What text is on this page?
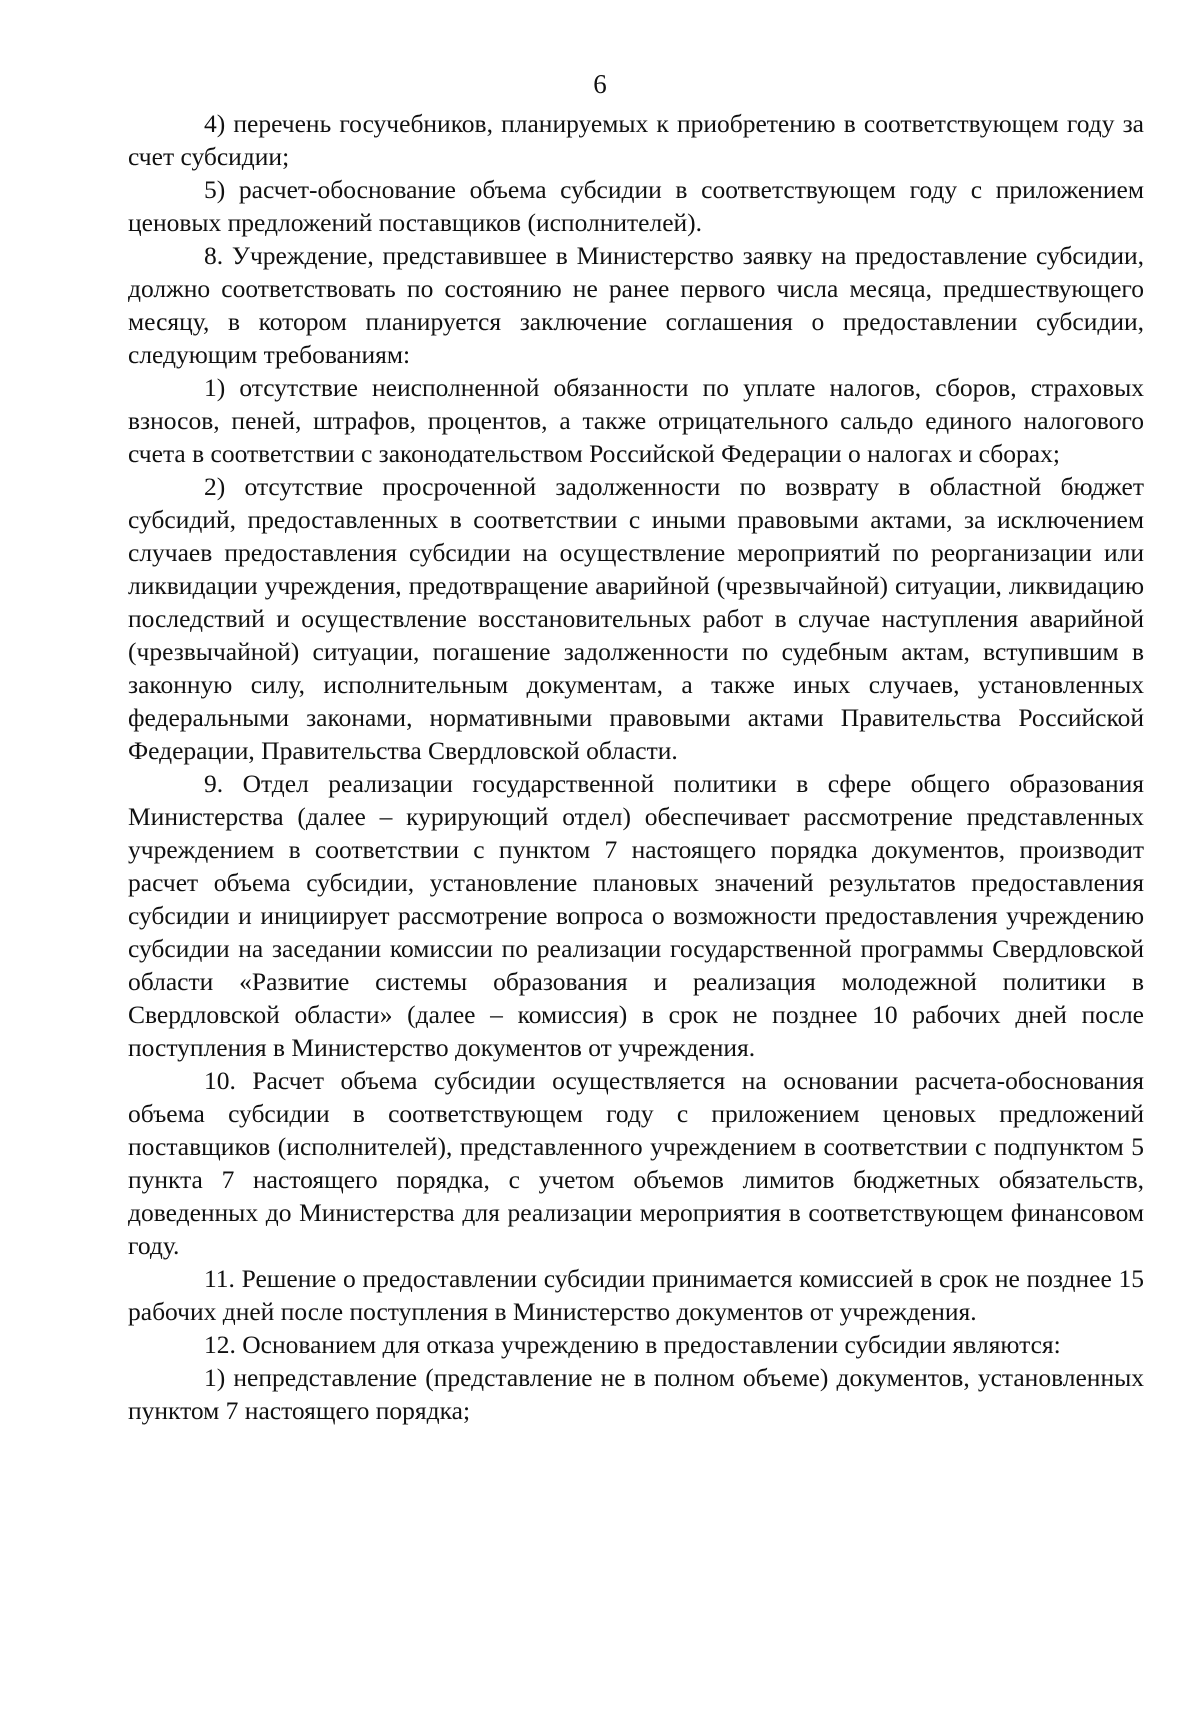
6

4) перечень госучебников, планируемых к приобретению в соответствующем году за счет субсидии;

5) расчет-обоснование объема субсидии в соответствующем году с приложением ценовых предложений поставщиков (исполнителей).

8. Учреждение, представившее в Министерство заявку на предоставление субсидии, должно соответствовать по состоянию не ранее первого числа месяца, предшествующего месяцу, в котором планируется заключение соглашения о предоставлении субсидии, следующим требованиям:

1) отсутствие неисполненной обязанности по уплате налогов, сборов, страховых взносов, пеней, штрафов, процентов, а также отрицательного сальдо единого налогового счета в соответствии с законодательством Российской Федерации о налогах и сборах;

2) отсутствие просроченной задолженности по возврату в областной бюджет субсидий, предоставленных в соответствии с иными правовыми актами, за исключением случаев предоставления субсидии на осуществление мероприятий по реорганизации или ликвидации учреждения, предотвращение аварийной (чрезвычайной) ситуации, ликвидацию последствий и осуществление восстановительных работ в случае наступления аварийной (чрезвычайной) ситуации, погашение задолженности по судебным актам, вступившим в законную силу, исполнительным документам, а также иных случаев, установленных федеральными законами, нормативными правовыми актами Правительства Российской Федерации, Правительства Свердловской области.

9. Отдел реализации государственной политики в сфере общего образования Министерства (далее – курирующий отдел) обеспечивает рассмотрение представленных учреждением в соответствии с пунктом 7 настоящего порядка документов, производит расчет объема субсидии, установление плановых значений результатов предоставления субсидии и инициирует рассмотрение вопроса о возможности предоставления учреждению субсидии на заседании комиссии по реализации государственной программы Свердловской области «Развитие системы образования и реализация молодежной политики в Свердловской области» (далее – комиссия) в срок не позднее 10 рабочих дней после поступления в Министерство документов от учреждения.

10. Расчет объема субсидии осуществляется на основании расчета-обоснования объема субсидии в соответствующем году с приложением ценовых предложений поставщиков (исполнителей), представленного учреждением в соответствии с подпунктом 5 пункта 7 настоящего порядка, с учетом объемов лимитов бюджетных обязательств, доведенных до Министерства для реализации мероприятия в соответствующем финансовом году.

11. Решение о предоставлении субсидии принимается комиссией в срок не позднее 15 рабочих дней после поступления в Министерство документов от учреждения.

12. Основанием для отказа учреждению в предоставлении субсидии являются:

1) непредставление (представление не в полном объеме) документов, установленных пунктом 7 настоящего порядка;
